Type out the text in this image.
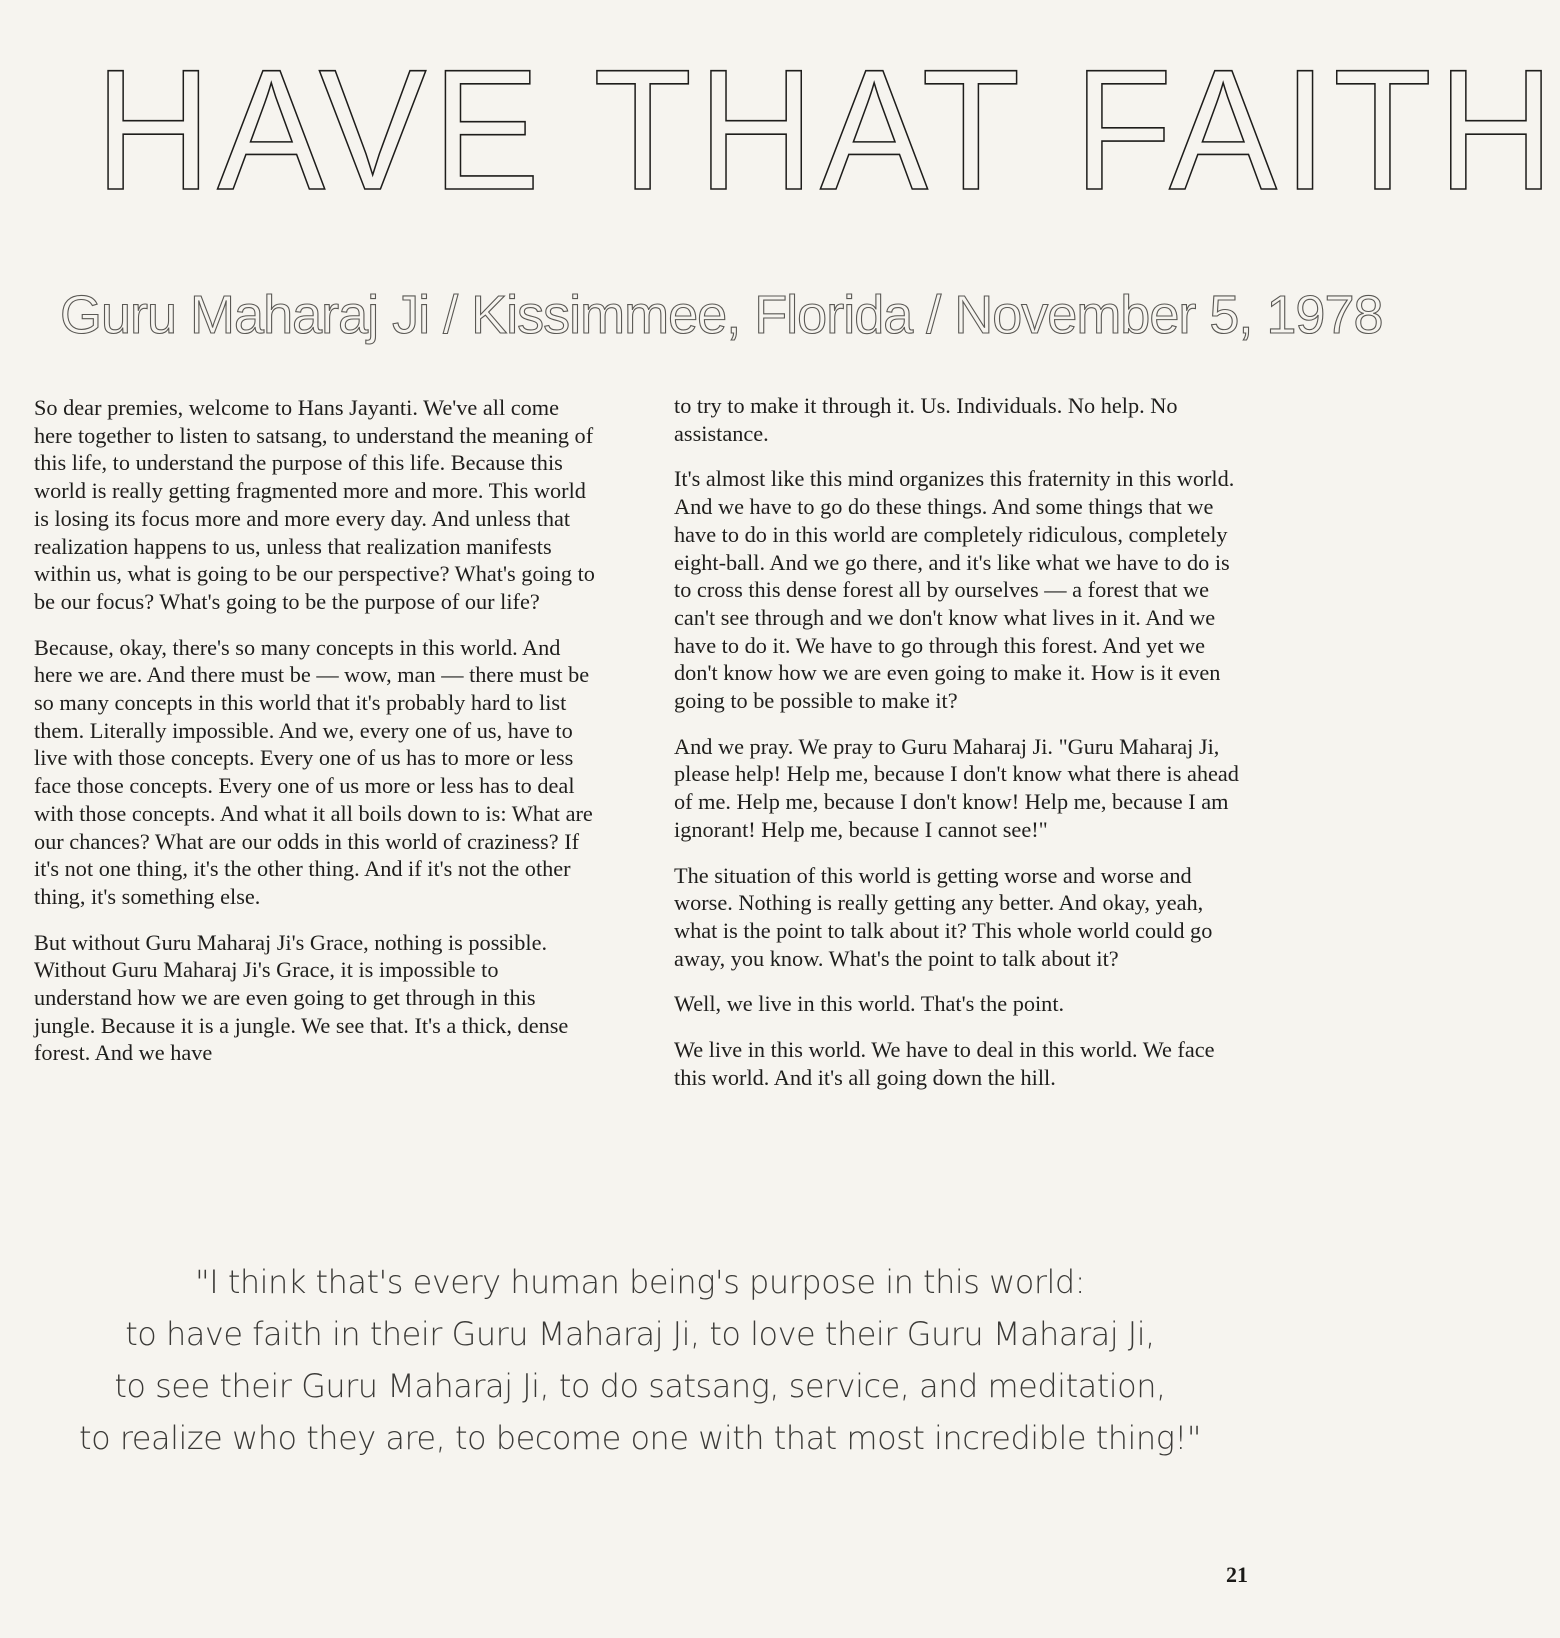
HAVE THAT FAITH
Guru Maharaj Ji / Kissimmee, Florida / November 5, 1978

So dear premies, welcome to Hans Jayanti. We've all come here together to listen to satsang, to understand the meaning of this life, to understand the purpose of this life. Because this world is really getting fragmented more and more. This world is losing its focus more and more every day. And unless that realization happens to us, unless that realization manifests within us, what is going to be our perspective? What's going to be our focus? What's going to be the purpose of our life?

Because, okay, there's so many concepts in this world. And here we are. And there must be — wow, man — there must be so many concepts in this world that it's probably hard to list them. Literally impossible. And we, every one of us, have to live with those concepts. Every one of us has to more or less face those concepts. Every one of us more or less has to deal with those concepts. And what it all boils down to is: What are our chances? What are our odds in this world of craziness? If it's not one thing, it's the other thing. And if it's not the other thing, it's something else.

But without Guru Maharaj Ji's Grace, nothing is possible. Without Guru Maharaj Ji's Grace, it is impossible to understand how we are even going to get through in this jungle. Because it is a jungle. We see that. It's a thick, dense forest. And we have

to try to make it through it. Us. Individuals. No help. No assistance.

It's almost like this mind organizes this fraternity in this world. And we have to go do these things. And some things that we have to do in this world are completely ridiculous, completely eight-ball. And we go there, and it's like what we have to do is to cross this dense forest all by ourselves — a forest that we can't see through and we don't know what lives in it. And we have to do it. We have to go through this forest. And yet we don't know how we are even going to make it. How is it even going to be possible to make it?

And we pray. We pray to Guru Maharaj Ji. "Guru Maharaj Ji, please help! Help me, because I don't know what there is ahead of me. Help me, because I don't know! Help me, because I am ignorant! Help me, because I cannot see!"

The situation of this world is getting worse and worse and worse. Nothing is really getting any better. And okay, yeah, what is the point to talk about it? This whole world could go away, you know. What's the point to talk about it?

Well, we live in this world. That's the point.

We live in this world. We have to deal in this world. We face this world. And it's all going down the hill.

"I think that's every human being's purpose in this world:
to have faith in their Guru Maharaj Ji, to love their Guru Maharaj Ji,
to see their Guru Maharaj Ji, to do satsang, service, and meditation,
to realize who they are, to become one with that most incredible thing!"
21
